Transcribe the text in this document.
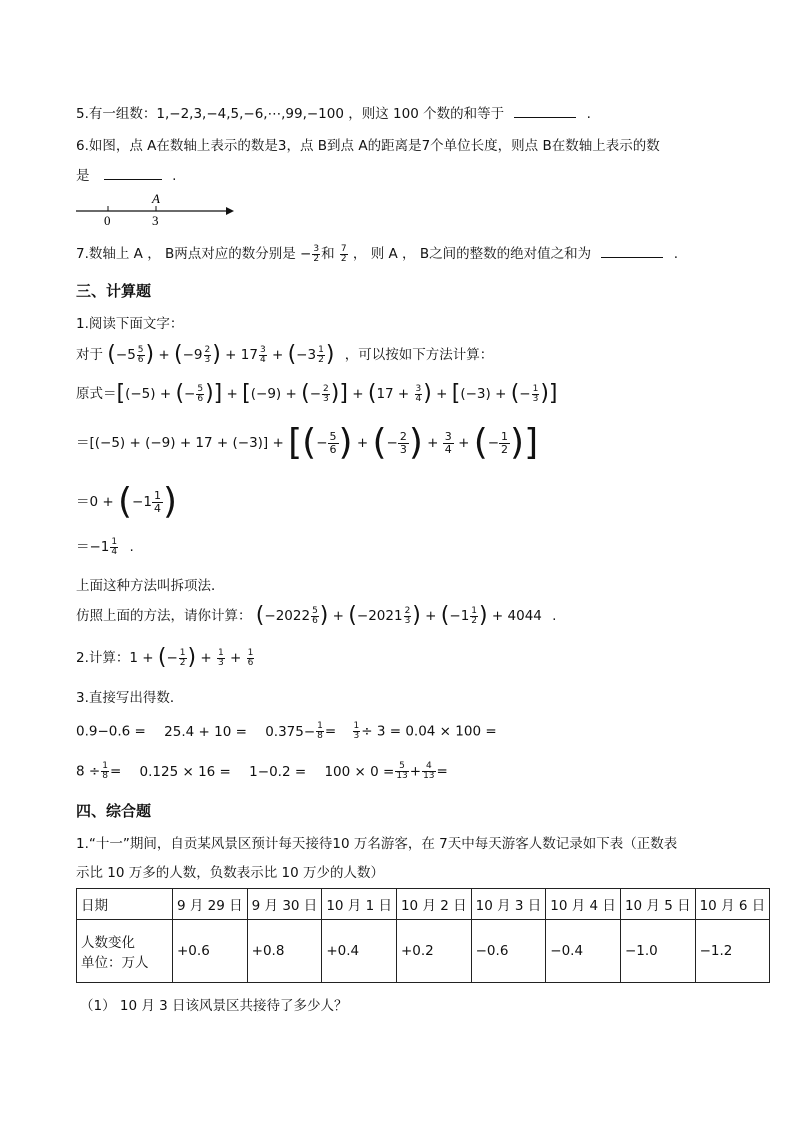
5.有一组数：1,−2,3,−4,5,−6,⋯,99,−100 ，则这 100 个数的和等于	.
6.如图，点 A在数轴上表示的数是3，点 B到点 A的距离是7个单位长度，则点 B在数轴上表示的数
是	.
A
0	3
7.数轴上 A ， B两点对应的数分别是 − $\frac{3}{2}$ 和 $\frac{7}{2}$ ， 则 A ， B之间的整数的绝对值之和为	.
三、计算题
1.阅读下面文字：
对于 ($-5 \frac{5}{6}$ ) + ($-9 \frac{2}{3}$ ) + $17 \frac{3}{4} + (-3 \frac{1}{2}$ ) ，可以按如下方法计算：
原式＝[(−5) + (− $\frac{5}{6}$ )] + [(−9) + (− $\frac{2}{3}$ )] + ($17 + \frac{3}{4}$ ) + [(−3) + (− $\frac{1}{3}$ )]
＝[(−5) + (−9) + 17 + (−3)] + [(− $\frac{5}{6}$ ) + (− $\frac{2}{3}$ ) + $\frac{3}{4}$ + (− $\frac{1}{2}$ )]
$=0 + (-1 \frac{1}{4}$ )
$=-1 \frac{1}{4}$ .
上面这种方法叫拆项法．
仿照上面的方法，请你计算： ($-2022 \frac{5}{6}$ ) + ($-2021 \frac{2}{3}$ ) + ($-1 \frac{1}{2}$ ) + 4044 .
2.计算：1 + (− $\frac{1}{2}$ ) + $\frac{1}{3} + \frac{1}{6}$
3.直接写出得数．
$0.9-0.6 = 25.4 + 10 = 0.375- \frac{1}{8} = \frac{1}{3} \div 3 = 0.04 \times 100$ =
$8 \div \frac{1}{8} = 0.125 \times 16 = 1-0.2 = 100 \times 0 = \frac{5}{13} + \frac{4}{13}$ =
四、综合题
1.“十一”期间，自贡某风景区预计每天接待10 万名游客，在 7天中每天游客人数记录如下表（正数表
示比 10 万多的人数，负数表示比 10 万少的人数）
日期	9 月 29 日	9 月 30 日	10 月 1 日	10 月 2 日	10 月 3 日	10 月 4 日	10 月 5 日	10 月 6 日
人数变化
单位：万人	+0.6	+0.8	+0.4	+0.2	−0.6	−0.4	−1.0	−1.2
（1） 10 月 3 日该风景区共接待了多少人？
